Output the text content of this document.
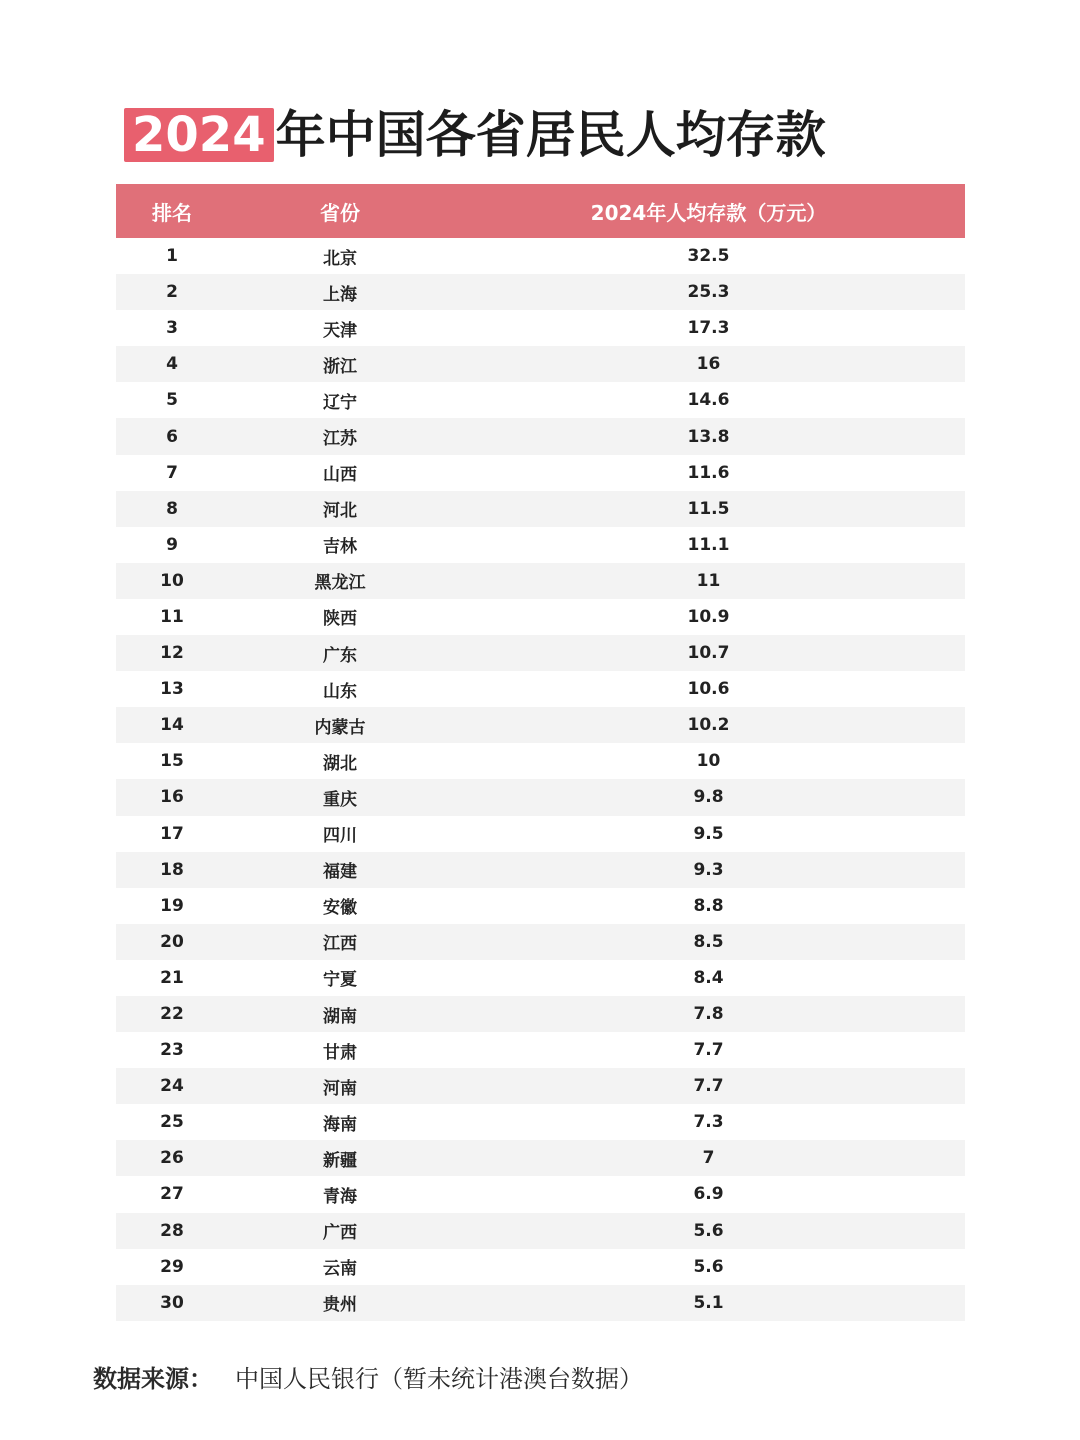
2024 年中国各省居民人均存款
排名	省份	2024年人均存款（万元）
1	北京	32.5
2	上海	25.3
3	天津	17.3
4	浙江	16
5	辽宁	14.6
6	江苏	13.8
7	山西	11.6
8	河北	11.5
9	吉林	11.1
10	黑龙江	11
11	陕西	10.9
12	广东	10.7
13	山东	10.6
14	内蒙古	10.2
15	湖北	10
16	重庆	9.8
17	四川	9.5
18	福建	9.3
19	安徽	8.8
20	江西	8.5
21	宁夏	8.4
22	湖南	7.8
23	甘肃	7.7
24	河南	7.7
25	海南	7.3
26	新疆	7
27	青海	6.9
28	广西	5.6
29	云南	5.6
30	贵州	5.1
数据来源： 中国人民银行（暂未统计港澳台数据）
